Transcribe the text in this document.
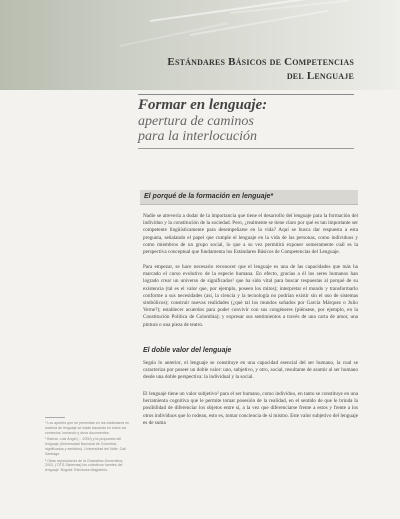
Estándares Básicos de Competencias
del Lenguaje
Formar en lenguaje:
apertura de caminos
para la interlocución
El porqué de la formación en lenguaje*

Nadie se atrevería a dudar de la importancia que tiene el desarrollo del lenguaje para la formación del individuo y la constitución de la sociedad. Pero, ¿realmente se tiene claro por qué es tan importante ser competente lingüísticamente para desempeñarse en la vida? Aquí se busca dar respuesta a esta pregunta, señalando el papel que cumple el lenguaje en la vida de las personas, como individuos y como miembros de un grupo social, lo que a su vez permitirá exponer someramente cuál es la perspectiva conceptual que fundamenta los Estándares Básicos de Competencias del Lenguaje.

Para empezar, se hace necesario reconocer que el lenguaje es una de las capacidades que más ha marcado el curso evolutivo de la especie humana. En efecto, gracias a él los seres humanos han logrado crear un universo de significados¹ que ha sido vital para buscar respuestas al porqué de su existencia (tal es el valor que, por ejemplo, poseen los mitos); interpretar el mundo y transformarlo conforme a sus necesidades (así, la ciencia y la tecnología no podrían existir sin el uso de sistemas simbólicos); construir nuevas realidades (¿qué tal los mundos soñados por García Márquez o Julio Verne?); establecer acuerdos para poder convivir con sus congéneres (piénsese, por ejemplo, en la Constitución Política de Colombia); y expresar sus sentimientos a través de una carta de amor, una pintura o una pieza de teatro.

El doble valor del lenguaje

Según lo anterior, el lenguaje se constituye en una capacidad esencial del ser humano, la cual se caracteriza por poseer un doble valor: uno, subjetivo, y otro, social, resultante de asumir al ser humano desde una doble perspectiva: la individual y la social.

El lenguaje tiene un valor subjetivo² para el ser humano, como individuo, en tanto se constituye en una herramienta cognitiva que le permite tomar posesión de la realidad, en el sentido de que le brinda la posibilidad de diferenciar los objetos entre sí, a la vez que diferenciarse frente a estos y frente a los otros individuos que lo rodean, esto es, tomar conciencia de sí mismo. Este valor subjetivo del lenguaje es de suma

* Los aportes que se presentan en los estándares en materia de lenguaje se están basando en todos los contextos, tomando y otros documentos.

¹ Baena, Luis Ángel (... 2000) y la propuesta del lenguaje (Universidad Nacional de Colombia, significados y sentidos). Universidad del Valle, Cali Santiago.

² Otras reposiciones de la Gramática Generativa, 2003, ('OTS-Sistemas) los colectivos fuentes del lenguaje. Bogotá: Ediciones Magisterio.
